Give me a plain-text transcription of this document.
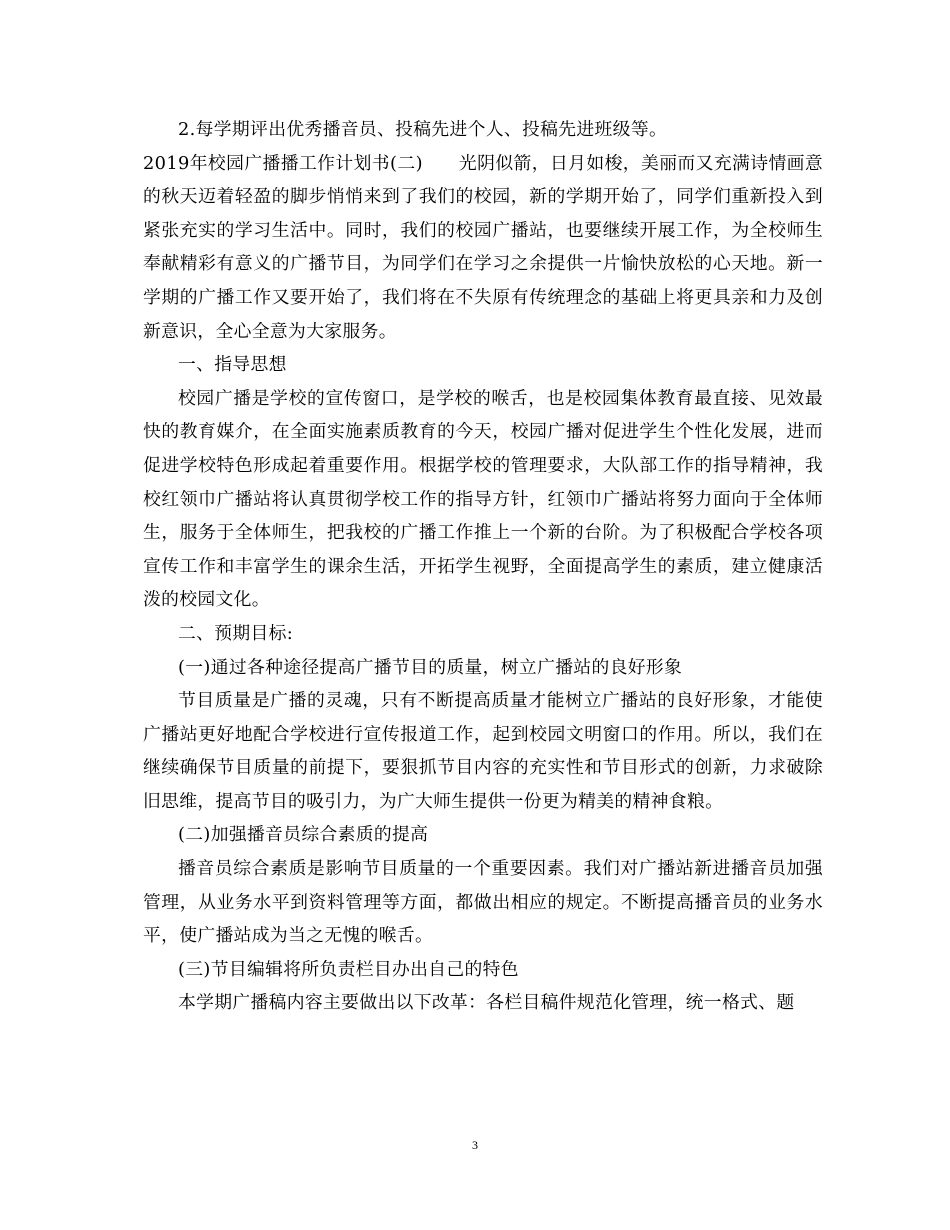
2.每学期评出优秀播音员、投稿先进个人、投稿先进班级等。

2019年校园广播播工作计划书(二) 光阴似箭，日月如梭，美丽而又充满诗情画意的秋天迈着轻盈的脚步悄悄来到了我们的校园，新的学期开始了，同学们重新投入到紧张充实的学习生活中。同时，我们的校园广播站，也要继续开展工作，为全校师生奉献精彩有意义的广播节目，为同学们在学习之余提供一片愉快放松的心天地。新一学期的广播工作又要开始了，我们将在不失原有传统理念的基础上将更具亲和力及创新意识，全心全意为大家服务。

一、指导思想

校园广播是学校的宣传窗口，是学校的喉舌，也是校园集体教育最直接、见效最快的教育媒介，在全面实施素质教育的今天，校园广播对促进学生个性化发展，进而促进学校特色形成起着重要作用。根据学校的管理要求，大队部工作的指导精神，我校红领巾广播站将认真贯彻学校工作的指导方针，红领巾广播站将努力面向于全体师生，服务于全体师生，把我校的广播工作推上一个新的台阶。为了积极配合学校各项宣传工作和丰富学生的课余生活，开拓学生视野，全面提高学生的素质，建立健康活泼的校园文化。

二、预期目标:

(一)通过各种途径提高广播节目的质量，树立广播站的良好形象

节目质量是广播的灵魂，只有不断提高质量才能树立广播站的良好形象，才能使广播站更好地配合学校进行宣传报道工作，起到校园文明窗口的作用。所以，我们在继续确保节目质量的前提下，要狠抓节目内容的充实性和节目形式的创新，力求破除旧思维，提高节目的吸引力，为广大师生提供一份更为精美的精神食粮。

(二)加强播音员综合素质的提高

播音员综合素质是影响节目质量的一个重要因素。我们对广播站新进播音员加强管理，从业务水平到资料管理等方面，都做出相应的规定。不断提高播音员的业务水平，使广播站成为当之无愧的喉舌。

(三)节目编辑将所负责栏目办出自己的特色

本学期广播稿内容主要做出以下改革：各栏目稿件规范化管理，统一格式、题

3
